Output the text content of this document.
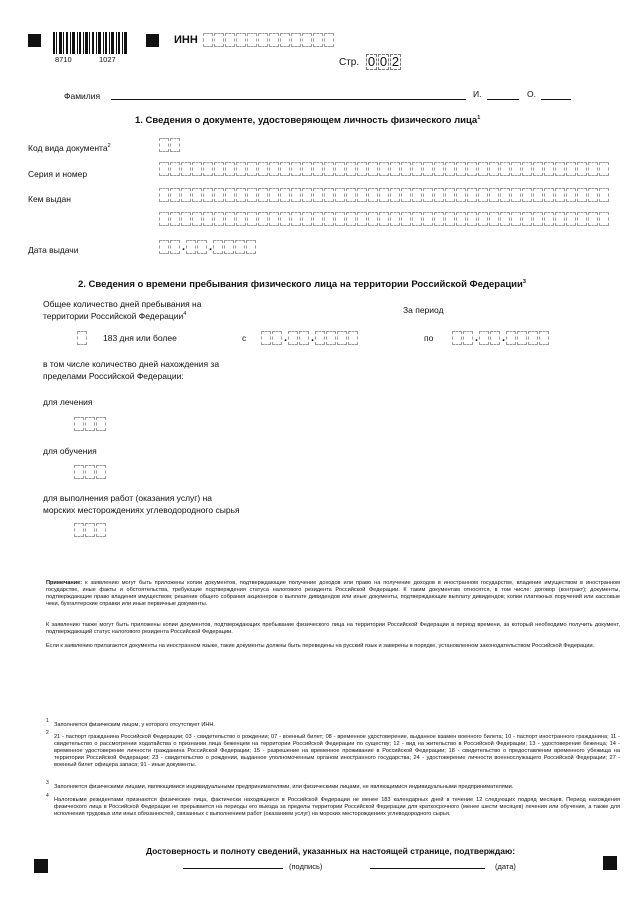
8710	1027
ИНН
Стр. 0 0 2
Фамилия	И.	О.
1. Сведения о документе, удостоверяющем личность физического лица$^1$
Код вида документа$^2$
Серия и номер
Кем выдан
Дата выдачи	. .
2. Сведения о времени пребывания физического лица на территории Российской Федерации$^3$
Общее количество дней пребывания на
территории Российской Федерации$^4$	За период
183 дня или более	с	. .	по	. .
в том числе количество дней нахождения за
пределами Российской Федерации:
для лечения
для обучения
для выполнения работ (оказания услуг) на
морских месторождениях углеводородного сырья
Примечание: к заявлению могут быть приложены копии документов, подтверждающие получение доходов или право на получение доходов в иностранном государстве, владение имуществом в иностранном государстве, иные факты и обстоятельства, требующие подтверждения статуса налогового резидента Российской Федерации. К таким документам относятся, в том числе: договор (контракт); документы, подтверждающие право владения имуществом; решение общего собрания акционеров о выплате дивидендов или иные документы, подтверждающие выплату дивидендов; копии платежных поручений или кассовые чеки, бухгалтерские справки или иные первичные документы.
К заявлению также могут быть приложены копии документов, подтверждающих пребывание физического лица на территории Российской Федерации в период времени, за который необходимо получить документ, подтверждающий статус налогового резидента Российской Федерации.
Если к заявлению прилагаются документы на иностранном языке, такие документы должны быть переведены на русский язык и заверены в порядке, установленном законодательством Российской Федерации.
1
Заполняется физическим лицом, у которого отсутствует ИНН.
2
21 - паспорт гражданина Российской Федерации; 03 - свидетельство о рождении; 07 - военный билет; 08 - временное удостоверение, выданное взамен военного билета; 10 - паспорт иностранного гражданина; 11 - свидетельство о рассмотрении ходатайства о признании лица беженцем на территории Российской Федерации по существу; 12 - вид на жительство в Российской Федерации; 13 - удостоверение беженца; 14 - временное удостоверение личности гражданина Российской Федерации; 15 - разрешение на временное проживание в Российской Федерации; 18 - свидетельство о предоставлении временного убежища на территории Российской Федерации; 23 - свидетельство о рождении, выданное уполномоченным органом иностранного государства; 24 - удостоверение личности военнослужащего Российской Федерации; 27 - военный билет офицера запаса; 91 - иные документы.
3
Заполняется физическими лицами, являющимися индивидуальными предпринимателями, или физическими лицами, не являющимися индивидуальными предпринимателями.
4
Налоговыми резидентами признаются физические лица, фактически находящиеся в Российской Федерации не менее 183 календарных дней в течение 12 следующих подряд месяцев. Период нахождения физического лица в Российской Федерации не прерывается на периоды его выезда за пределы территории Российской Федерации для краткосрочного (менее шести месяцев) лечения или обучения, а также для исполнения трудовых или иных обязанностей, связанных с выполнением работ (оказанием услуг) на морских месторождениях углеводородного сырья.
Достоверность и полноту сведений, указанных на настоящей странице, подтверждаю:
(подпись)	(дата)
